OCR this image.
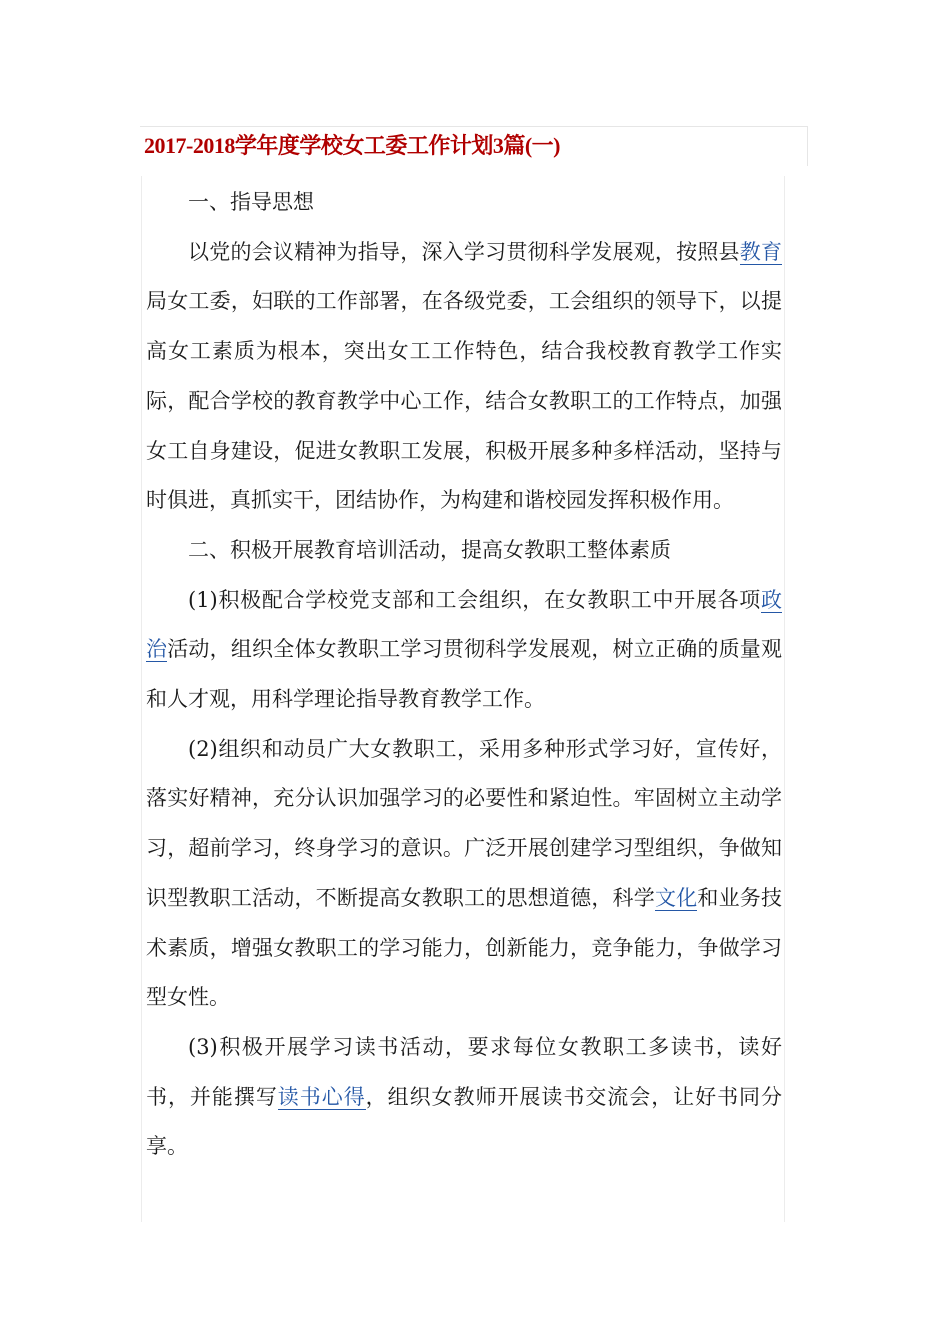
2017-2018学年度学校女工委工作计划3篇(一)

一、指导思想

以党的会议精神为指导，深入学习贯彻科学发展观，按照县教育局女工委，妇联的工作部署，在各级党委，工会组织的领导下，以提高女工素质为根本，突出女工工作特色，结合我校教育教学工作实际，配合学校的教育教学中心工作，结合女教职工的工作特点，加强女工自身建设，促进女教职工发展，积极开展多种多样活动，坚持与时俱进，真抓实干，团结协作，为构建和谐校园发挥积极作用。

二、积极开展教育培训活动，提高女教职工整体素质

(1)积极配合学校党支部和工会组织，在女教职工中开展各项政治活动，组织全体女教职工学习贯彻科学发展观，树立正确的质量观和人才观，用科学理论指导教育教学工作。

(2)组织和动员广大女教职工，采用多种形式学习好，宣传好，落实好精神，充分认识加强学习的必要性和紧迫性。牢固树立主动学习，超前学习，终身学习的意识。广泛开展创建学习型组织，争做知识型教职工活动，不断提高女教职工的思想道德，科学文化和业务技术素质，增强女教职工的学习能力，创新能力，竞争能力，争做学习型女性。

(3)积极开展学习读书活动，要求每位女教职工多读书，读好书，并能撰写读书心得，组织女教师开展读书交流会，让好书同分享。
